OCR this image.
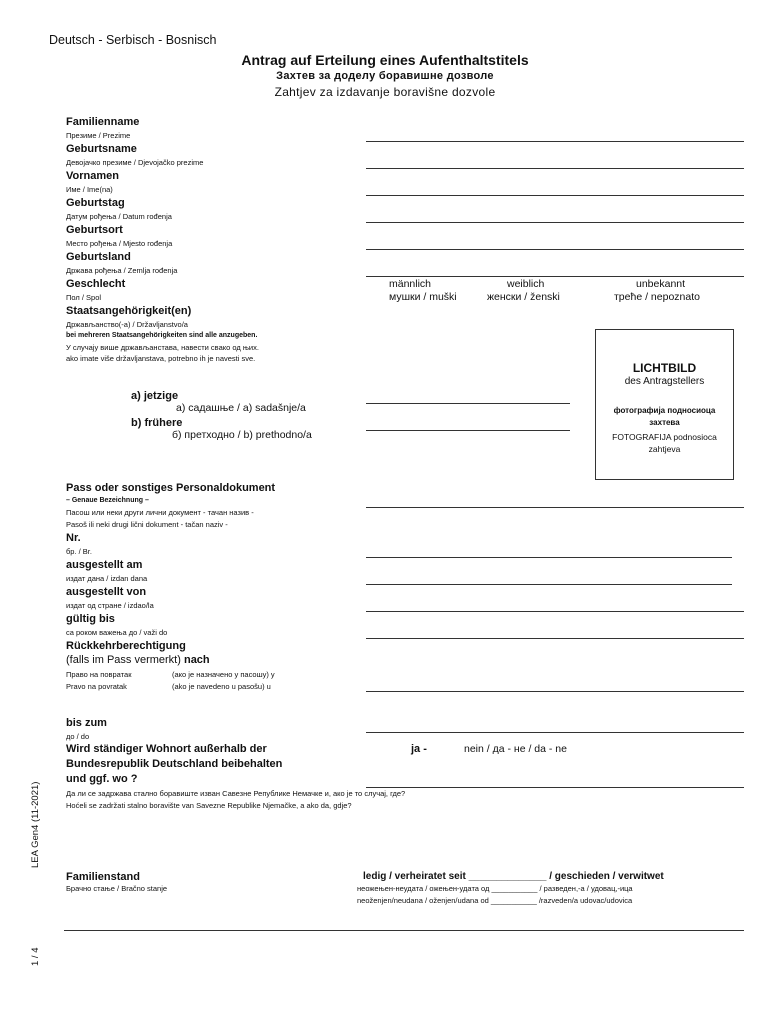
Deutsch - Serbisch - Bosnisch
Antrag auf Erteilung eines Aufenthaltstitels
Захтев за доделу боравишне дозволе
Zahtjev za izdavanje boravišne dozvole
Familienname
Презиме / Prezime
Geburtsname
Девојачко презиме / Djevojačko prezime
Vornamen
Име / Ime(na)
Geburtstag
Датум рођења / Datum rođenja
Geburtsort
Место рођења / Mjesto rođenja
Geburtsland
Држава рођења / Zemlja rođenja
Geschlecht
Пол / Spol
männlich
мушки / muški
weiblich
женски / ženski
unbekannt
треће / nepoznato
Staatsangehörigkeit(en)
Држављанство(-а) / Državljanstvo/a
bei mehreren Staatsangehörigkeiten sind alle anzugeben.
У случају више држављанстава, навести свако од њих.
ako imate više državljanstava, potrebno ih je navesti sve.
a) jetzige
а) садашње / a) sadašnje/a
b) frühere
б) претходно / b) prethodno/a
LICHTBILD
des Antragstellers
фотографија подносиоца
захтева
FOTOGRAFIJA podnosioca
zahtjeva
Pass oder sonstiges Personaldokument
– Genaue Bezeichnung –
Пасош или неки други лични документ - тачан назив -
Pasoš ili neki drugi lični dokument - tačan naziv -
Nr.
бр. / Br.
ausgestellt am
издат дана / izdan dana
ausgestellt von
издат од стране / izdao/la
gültig bis
са роком важења до / važi do
Rückkehrberechtigung
(falls im Pass vermerkt) nach
Право на повратак	(ако је назначено у пасошу) у
Pravo na povratak	(ako je navedeno u pasošu) u
bis zum
до / do
Wird ständiger Wohnort außerhalb der
Bundesrepublik Deutschland beibehalten
und ggf. wo ?
ja -	nein / да - не / da - ne
Да ли се задржава стално боравиште изван Савезне Републике Немачке и, ако је то случај, где?
Hoćeli se zadržati stalno boravište van Savezne Republike Njemačke, a ako da, gdje?
Familienstand
Брачно стање / Bračno stanje
ledig / verheiratet seit ______________ / geschieden / verwitwet
неожењен-неудата / ожењен-удата од ___________ / разведен,-а / удовац,-ица
neoženjen/neudana / oženjen/udana od ___________ /razveden/a udovac/udovica
LEA Gen4 (11-2021)
1 / 4
